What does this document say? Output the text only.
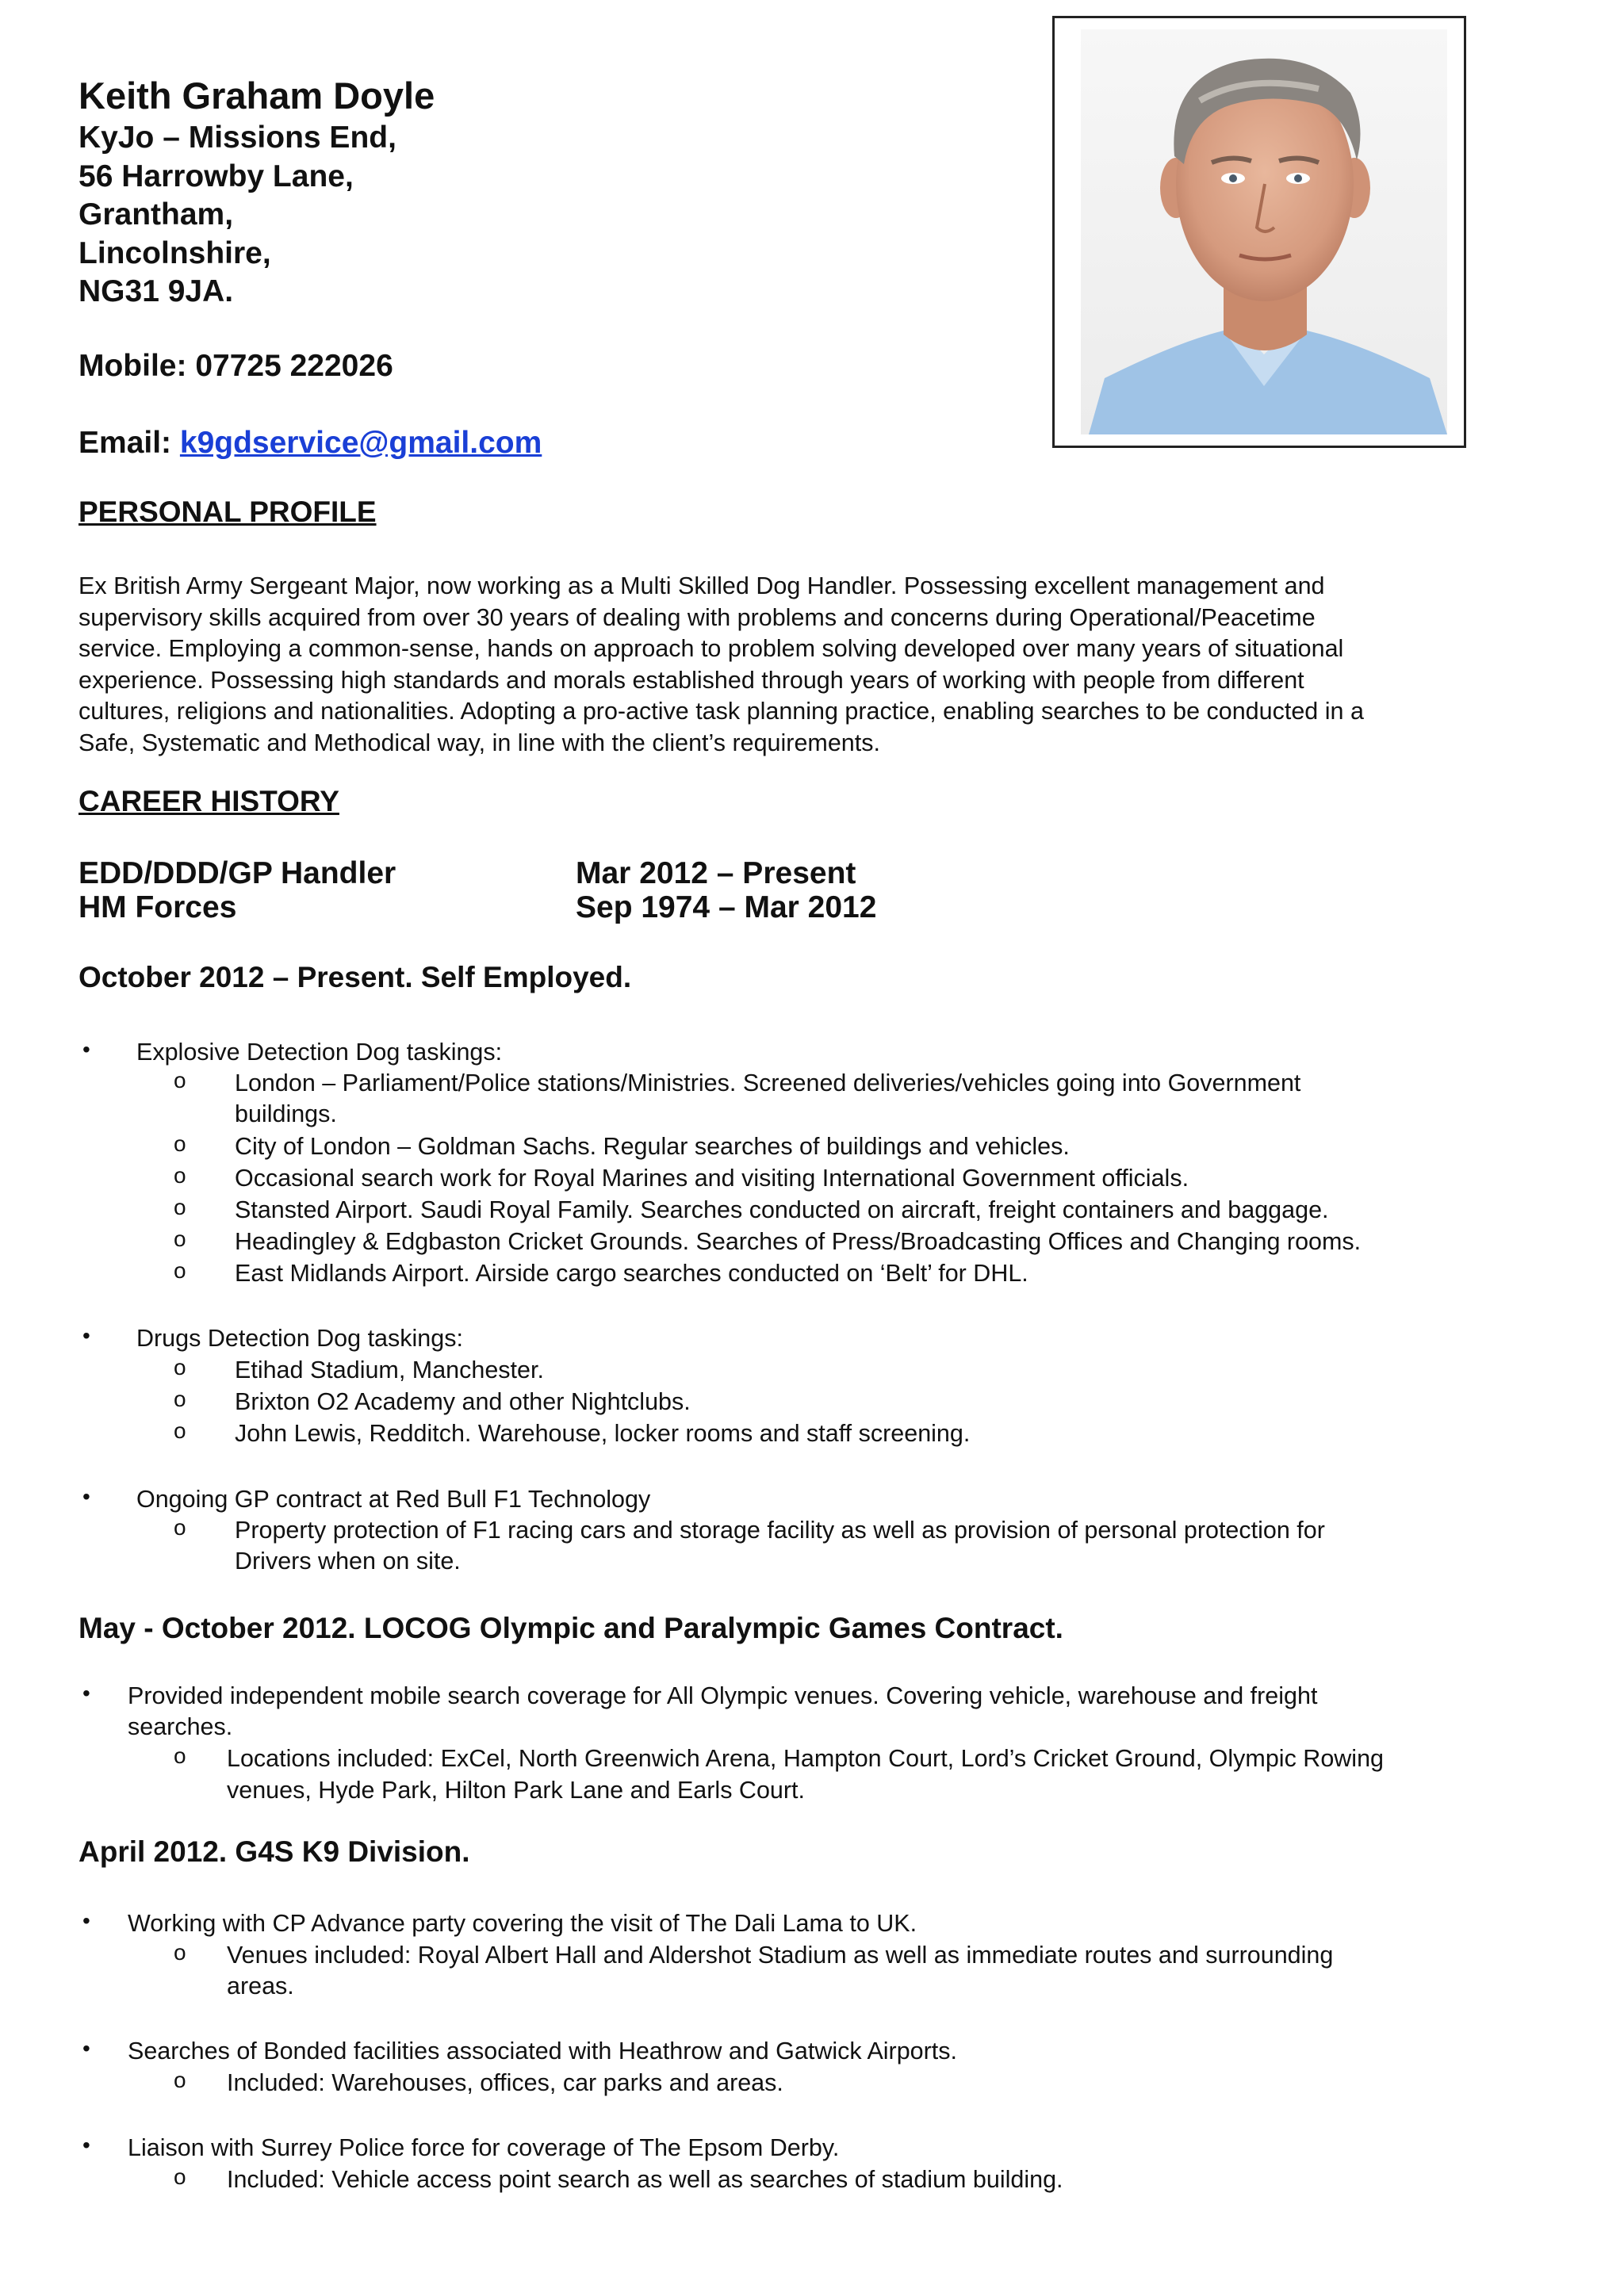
Keith Graham Doyle
KyJo – Missions End,
56 Harrowby Lane,
Grantham,
Lincolnshire,
NG31 9JA.
Mobile: 07725 222026
Email: k9gdservice@gmail.com
PERSONAL PROFILE
Ex British Army Sergeant Major, now working as a Multi Skilled Dog Handler. Possessing excellent management and
supervisory skills acquired from over 30 years of dealing with problems and concerns during Operational/Peacetime
service. Employing a common-sense, hands on approach to problem solving developed over many years of situational
experience. Possessing high standards and morals established through years of working with people from different
cultures, religions and nationalities. Adopting a pro-active task planning practice, enabling searches to be conducted in a
Safe, Systematic and Methodical way, in line with the client’s requirements.
CAREER HISTORY
EDD/DDD/GP Handler	Mar 2012 – Present
HM Forces	Sep 1974 – Mar 2012
October 2012 – Present. Self Employed.
• Explosive Detection Dog taskings:
o London – Parliament/Police stations/Ministries. Screened deliveries/vehicles going into Government
buildings.
o City of London – Goldman Sachs. Regular searches of buildings and vehicles.
o Occasional search work for Royal Marines and visiting International Government officials.
o Stansted Airport. Saudi Royal Family. Searches conducted on aircraft, freight containers and baggage.
o Headingley & Edgbaston Cricket Grounds. Searches of Press/Broadcasting Offices and Changing rooms.
o East Midlands Airport. Airside cargo searches conducted on ‘Belt’ for DHL.
• Drugs Detection Dog taskings:
o Etihad Stadium, Manchester.
o Brixton O2 Academy and other Nightclubs.
o John Lewis, Redditch. Warehouse, locker rooms and staff screening.
• Ongoing GP contract at Red Bull F1 Technology
o Property protection of F1 racing cars and storage facility as well as provision of personal protection for
Drivers when on site.
May - October 2012. LOCOG Olympic and Paralympic Games Contract.
• Provided independent mobile search coverage for All Olympic venues. Covering vehicle, warehouse and freight
searches.
o Locations included: ExCel, North Greenwich Arena, Hampton Court, Lord’s Cricket Ground, Olympic Rowing
venues, Hyde Park, Hilton Park Lane and Earls Court.
April 2012. G4S K9 Division.
• Working with CP Advance party covering the visit of The Dali Lama to UK.
o Venues included: Royal Albert Hall and Aldershot Stadium as well as immediate routes and surrounding
areas.
• Searches of Bonded facilities associated with Heathrow and Gatwick Airports.
o Included: Warehouses, offices, car parks and areas.
• Liaison with Surrey Police force for coverage of The Epsom Derby.
o Included: Vehicle access point search as well as searches of stadium building.
